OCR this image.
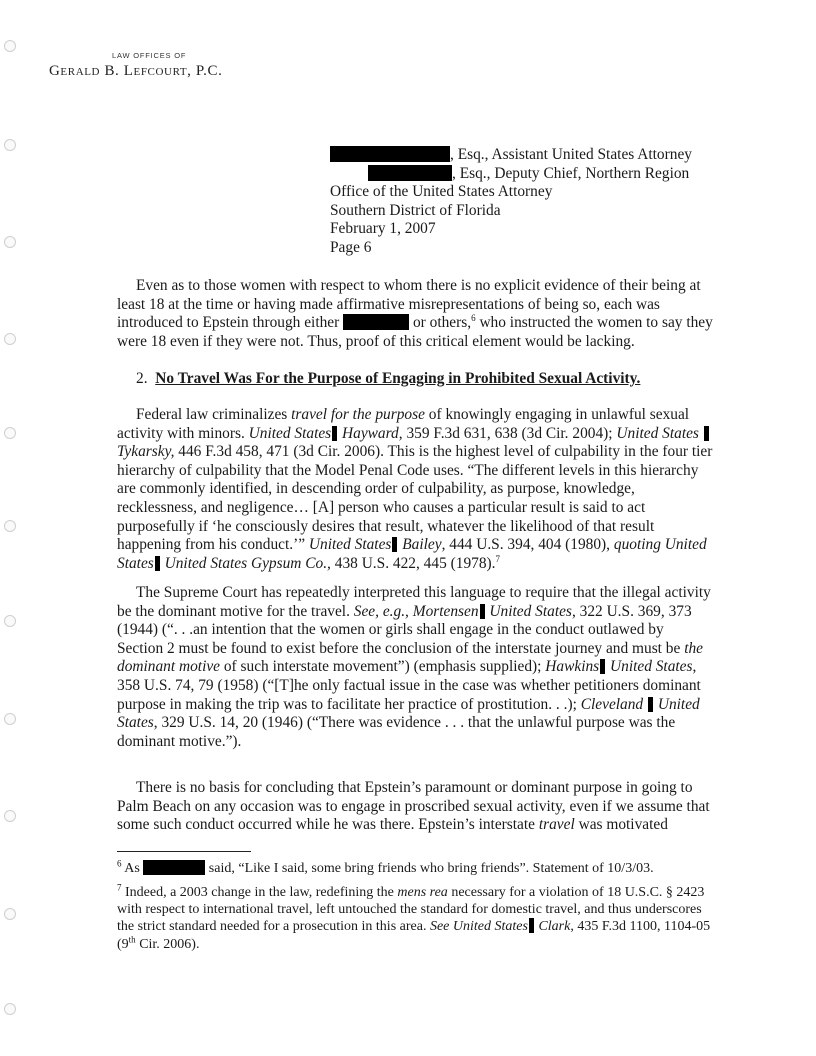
LAW OFFICES OF
Gerald B. Lefcourt, P.C.
, Esq., Assistant United States Attorney
, Esq., Deputy Chief, Northern Region
Office of the United States Attorney
Southern District of Florida
February 1, 2007
Page 6

Even as to those women with respect to whom there is no explicit evidence of their being at least 18 at the time or having made affirmative misrepresentations of being so, each was introduced to Epstein through either	or others,$^6$ who instructed the women to say they were 18 even if they were not. Thus, proof of this critical element would be lacking.

2. No Travel Was For the Purpose of Engaging in Prohibited Sexual Activity.

Federal law criminalizes travel for the purpose of knowingly engaging in unlawful sexual activity with minors. United States Hayward, 359 F.3d 631, 638 (3d Cir. 2004); United States  Tykarsky, 446 F.3d 458, 471 (3d Cir. 2006). This is the highest level of culpability in the four tier hierarchy of culpability that the Model Penal Code uses. “The different levels in this hierarchy are commonly identified, in descending order of culpability, as purpose, knowledge, recklessness, and negligence… [A] person who causes a particular result is said to act purposefully if ‘he consciously desires that result, whatever the likelihood of that result happening from his conduct.’” United States Bailey, 444 U.S. 394, 404 (1980), quoting United States United States Gypsum Co., 438 U.S. 422, 445 (1978).$^7$

The Supreme Court has repeatedly interpreted this language to require that the illegal activity be the dominant motive for the travel. See, e.g., Mortensen United States, 322 U.S. 369, 373 (1944) (“. . .an intention that the women or girls shall engage in the conduct outlawed by Section 2 must be found to exist before the conclusion of the interstate journey and must be the dominant motive of such interstate movement”) (emphasis supplied); Hawkins United States, 358 U.S. 74, 79 (1958) (“[T]he only factual issue in the case was whether petitioners dominant purpose in making the trip was to facilitate her practice of prostitution. . .); Cleveland  United States, 329 U.S. 14, 20 (1946) (“There was evidence . . . that the unlawful purpose was the dominant motive.”).

There is no basis for concluding that Epstein’s paramount or dominant purpose in going to Palm Beach on any occasion was to engage in proscribed sexual activity, even if we assume that some such conduct occurred while he was there. Epstein’s interstate travel was motivated

$^6$ As	said, “Like I said, some bring friends who bring friends”. Statement of 10/3/03.

$^7$ Indeed, a 2003 change in the law, redefining the mens rea necessary for a violation of 18 U.S.C. § 2423 with respect to international travel, left untouched the standard for domestic travel, and thus underscores the strict standard needed for a prosecution in this area. See United States Clark, 435 F.3d 1100, 1104-05 (9th Cir. 2006).
